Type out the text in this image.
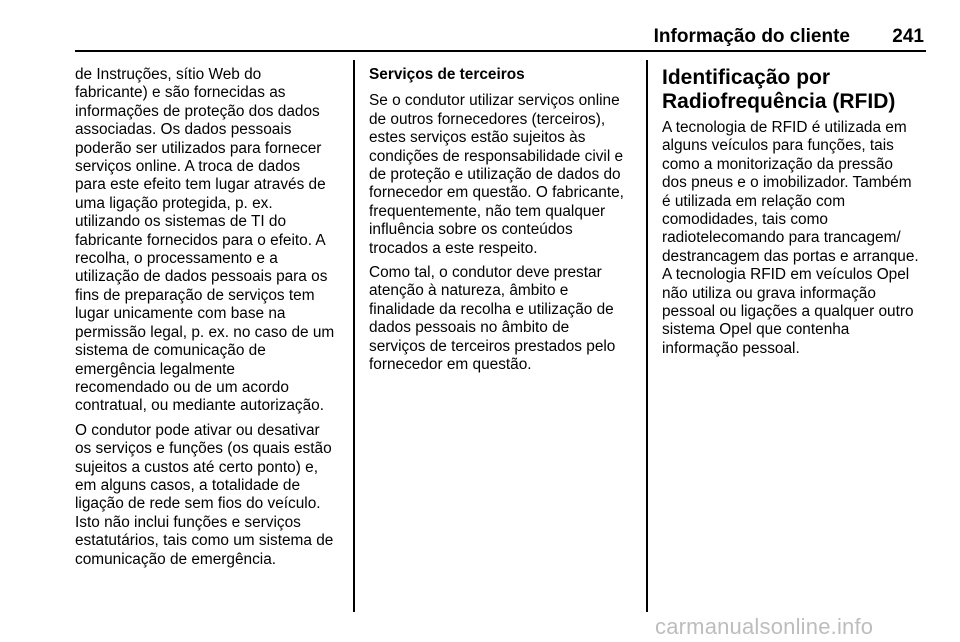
Informação do cliente	241

de Instruções, sítio Web do
fabricante) e são fornecidas as
informações de proteção dos dados
associadas. Os dados pessoais
poderão ser utilizados para fornecer
serviços online. A troca de dados
para este efeito tem lugar através de
uma ligação protegida, p. ex.
utilizando os sistemas de TI do
fabricante fornecidos para o efeito. A
recolha, o processamento e a
utilização de dados pessoais para os
fins de preparação de serviços tem
lugar unicamente com base na
permissão legal, p. ex. no caso de um
sistema de comunicação de
emergência legalmente
recomendado ou de um acordo
contratual, ou mediante autorização.

O condutor pode ativar ou desativar
os serviços e funções (os quais estão
sujeitos a custos até certo ponto) e,
em alguns casos, a totalidade de
ligação de rede sem fios do veículo.
Isto não inclui funções e serviços
estatutários, tais como um sistema de
comunicação de emergência.

Serviços de terceiros

Se o condutor utilizar serviços online
de outros fornecedores (terceiros),
estes serviços estão sujeitos às
condições de responsabilidade civil e
de proteção e utilização de dados do
fornecedor em questão. O fabricante,
frequentemente, não tem qualquer
influência sobre os conteúdos
trocados a este respeito.

Como tal, o condutor deve prestar
atenção à natureza, âmbito e
finalidade da recolha e utilização de
dados pessoais no âmbito de
serviços de terceiros prestados pelo
fornecedor em questão.

Identificação por
Radiofrequência (RFID)

A tecnologia de RFID é utilizada em
alguns veículos para funções, tais
como a monitorização da pressão
dos pneus e o imobilizador. Também
é utilizada em relação com
comodidades, tais como
radiotelecomando para trancagem/
destrancagem das portas e arranque.
A tecnologia RFID em veículos Opel
não utiliza ou grava informação
pessoal ou ligações a qualquer outro
sistema Opel que contenha
informação pessoal.

carmanualsonline.info
